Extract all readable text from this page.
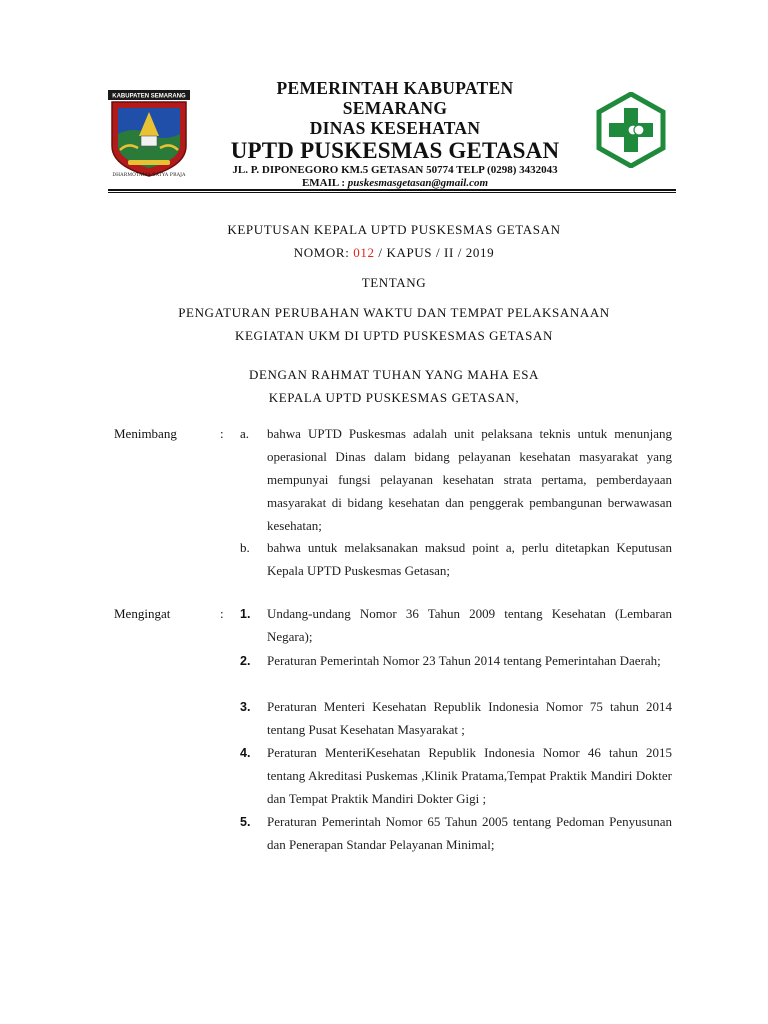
KABUPATEN SEMARANG
DHARMOTAMA SATYA PRAJA
PEMERINTAH KABUPATEN
SEMARANG
DINAS KESEHATAN
UPTD PUSKESMAS GETASAN
JL. P. DIPONEGORO KM.5 GETASAN 50774 TELP (0298) 3432043
EMAIL : puskesmasgetasan@gmail.com
KEPUTUSAN KEPALA UPTD PUSKESMAS GETASAN
NOMOR: 012 / KAPUS / II / 2019
TENTANG
PENGATURAN PERUBAHAN WAKTU DAN TEMPAT PELAKSANAAN
KEGIATAN UKM DI UPTD PUSKESMAS GETASAN
DENGAN RAHMAT TUHAN YANG MAHA ESA
KEPALA UPTD PUSKESMAS GETASAN,
Menimbang	: a. bahwa UPTD Puskesmas adalah unit pelaksana teknis untuk menunjang operasional Dinas dalam bidang pelayanan kesehatan masyarakat yang mempunyai fungsi pelayanan kesehatan strata pertama, pemberdayaan masyarakat di bidang kesehatan dan penggerak pembangunan berwawasan kesehatan;

b. bahwa untuk melaksanakan maksud point a, perlu ditetapkan Keputusan Kepala UPTD Puskesmas Getasan;

Mengingat	: 1. Undang-undang Nomor 36 Tahun 2009 tentang Kesehatan (Lembaran Negara);

2. Peraturan Pemerintah Nomor 23 Tahun 2014 tentang Pemerintahan Daerah;

3. Peraturan Menteri Kesehatan Republik Indonesia Nomor 75 tahun 2014 tentang Pusat Kesehatan Masyarakat ;

4. Peraturan MenteriKesehatan Republik Indonesia Nomor 46 tahun 2015 tentang Akreditasi Puskemas ,Klinik Pratama,Tempat Praktik Mandiri Dokter dan Tempat Praktik Mandiri Dokter Gigi ;

5. Peraturan Pemerintah Nomor 65 Tahun 2005 tentang Pedoman Penyusunan dan Penerapan Standar Pelayanan Minimal;
